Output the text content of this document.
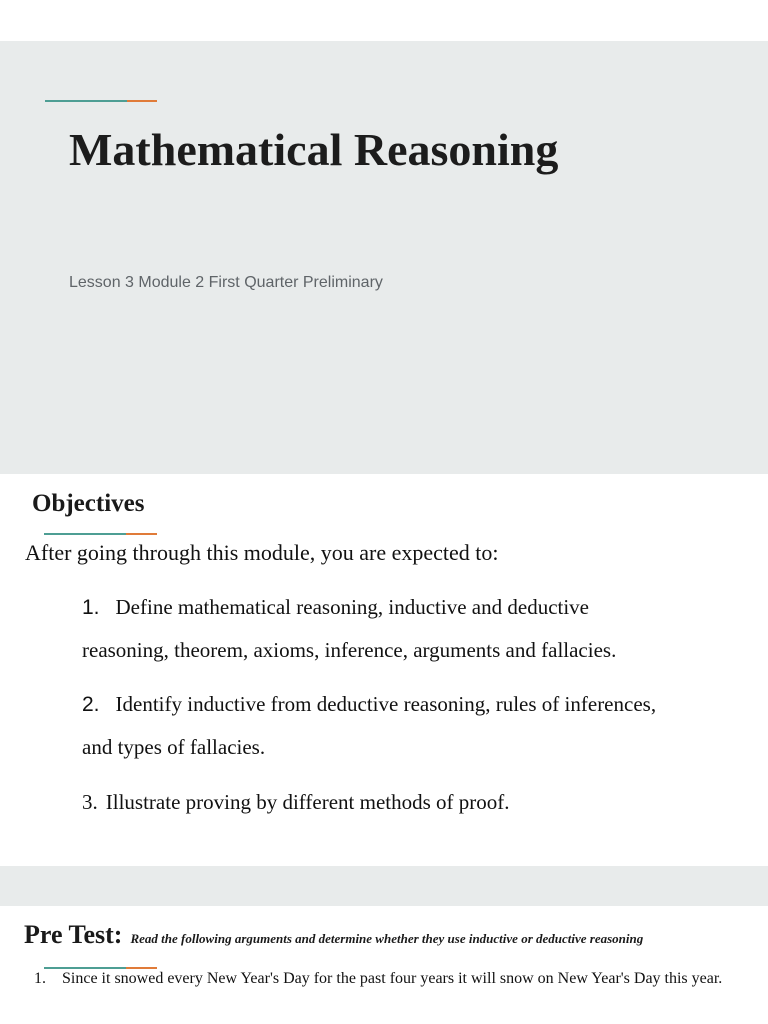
Mathematical Reasoning
Lesson 3 Module 2 First Quarter Preliminary
Objectives
After going through this module, you are expected to:
1. Define mathematical reasoning, inductive and deductive
reasoning, theorem, axioms, inference, arguments and fallacies.
2. Identify inductive from deductive reasoning, rules of inferences,
and types of fallacies.
3. Illustrate proving by different methods of proof.
Pre Test: Read the following arguments and determine whether they use inductive or deductive reasoning
1.	Since it snowed every New Year's Day for the past four years it will snow on New Year's Day this year.
